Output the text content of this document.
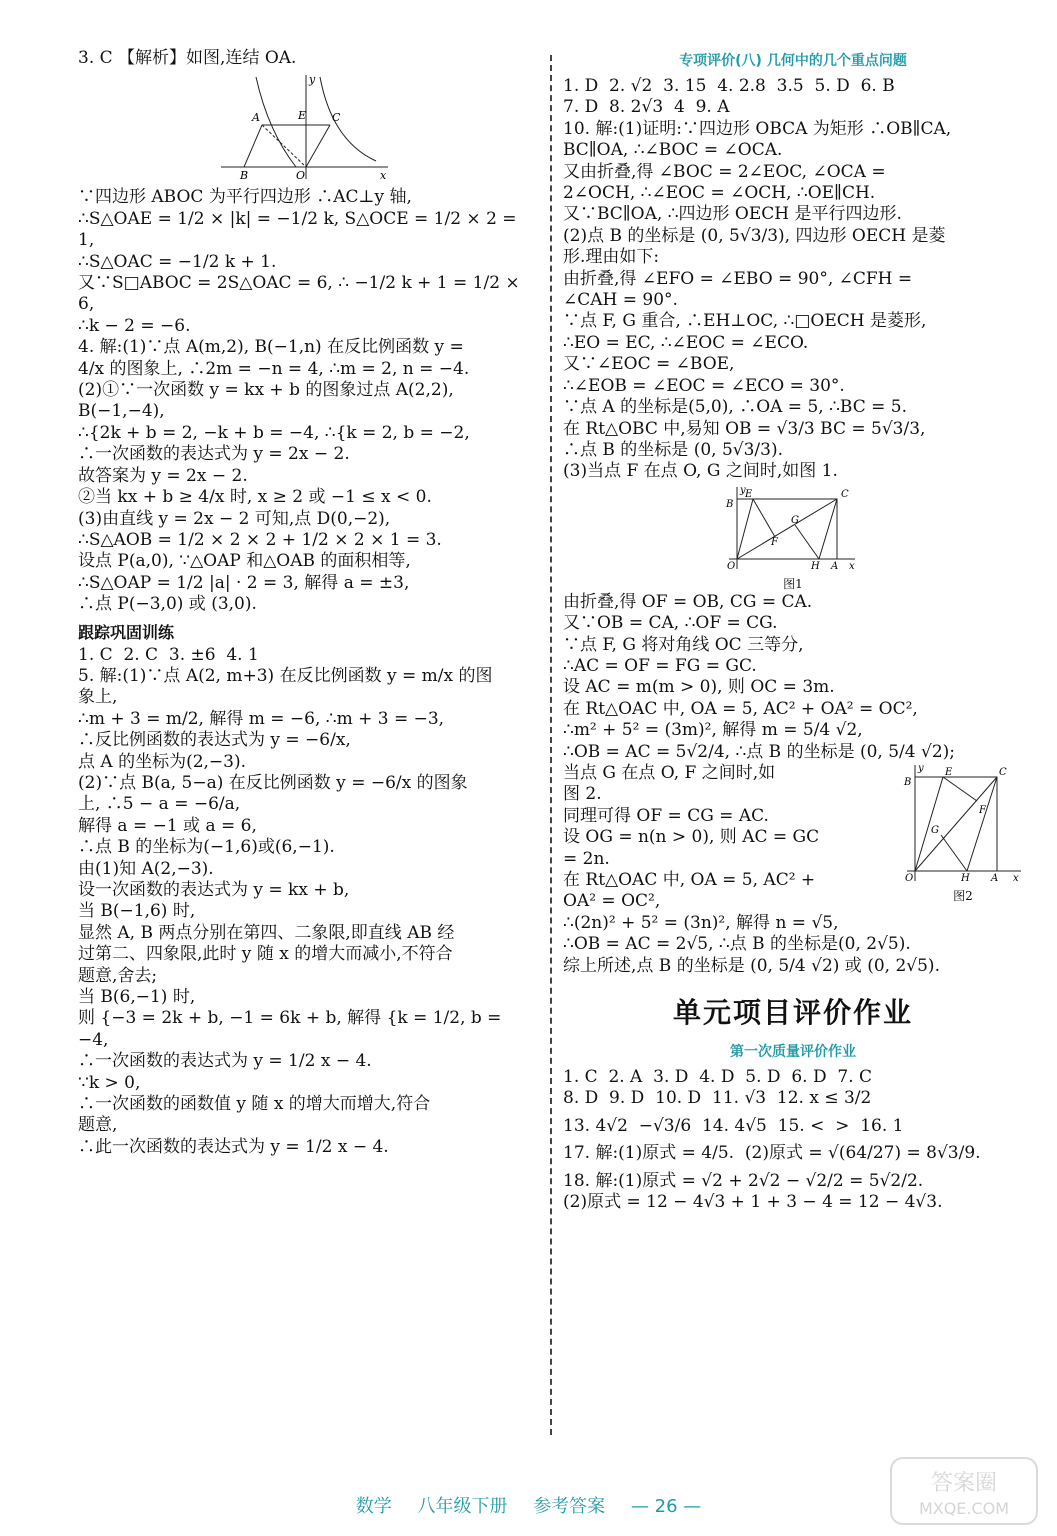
3. C 【解析】如图,连结 OA.

A	E C
B	O	x
y

∵四边形 ABOC 为平行四边形 ∴AC⊥y 轴,

∴S△OAE = 1/2 × |k| = −1/2 k, S△OCE = 1/2 × 2 = 1,

∴S△OAC = −1/2 k + 1.

又∵S□ABOC = 2S△OAC = 6, ∴ −1/2 k + 1 = 1/2 × 6,

∴k − 2 = −6.

4. 解:(1)∵点 A(m,2), B(−1,n) 在反比例函数 y =

4/x 的图象上, ∴2m = −n = 4, ∴m = 2, n = −4.

(2)①∵一次函数 y = kx + b 的图象过点 A(2,2),

B(−1,−4),

∴{2k + b = 2, −k + b = −4, ∴{k = 2, b = −2,

∴一次函数的表达式为 y = 2x − 2.

故答案为 y = 2x − 2.

②当 kx + b ≥ 4/x 时, x ≥ 2 或 −1 ≤ x < 0.

(3)由直线 y = 2x − 2 可知,点 D(0,−2),

∴S△AOB = 1/2 × 2 × 2 + 1/2 × 2 × 1 = 3.

设点 P(a,0), ∵△OAP 和△OAB 的面积相等,

∴S△OAP = 1/2 |a| · 2 = 3, 解得 a = ±3,

∴点 P(−3,0) 或 (3,0).

跟踪巩固训练

1. C  2. C  3. ±6  4. 1

5. 解:(1)∵点 A(2, m+3) 在反比例函数 y = m/x 的图

象上,

∴m + 3 = m/2, 解得 m = −6, ∴m + 3 = −3,

∴反比例函数的表达式为 y = −6/x,

点 A 的坐标为(2,−3).

(2)∵点 B(a, 5−a) 在反比例函数 y = −6/x 的图象

上, ∴5 − a = −6/a,

解得 a = −1 或 a = 6,

∴点 B 的坐标为(−1,6)或(6,−1).

由(1)知 A(2,−3).

设一次函数的表达式为 y = kx + b,

当 B(−1,6) 时,

显然 A, B 两点分别在第四、二象限,即直线 AB 经

过第二、四象限,此时 y 随 x 的增大而减小,不符合

题意,舍去;

当 B(6,−1) 时,

则 {−3 = 2k + b, −1 = 6k + b, 解得 {k = 1/2, b = −4,

∴一次函数的表达式为 y = 1/2 x − 4.

∵k > 0,

∴一次函数的函数值 y 随 x 的增大而增大,符合

题意,

∴此一次函数的表达式为 y = 1/2 x − 4.

专项评价(八) 几何中的几个重点问题

1. D  2. √2  3. 15  4. 2.8  3.5  5. D  6. B

7. D  8. 2√3  4  9. A

10. 解:(1)证明:∵四边形 OBCA 为矩形 ∴OB∥CA,

BC∥OA, ∴∠BOC = ∠OCA.

又由折叠,得 ∠BOC = 2∠EOC, ∠OCA =

2∠OCH, ∴∠EOC = ∠OCH, ∴OE∥CH.

又∵BC∥OA, ∴四边形 OECH 是平行四边形.

(2)点 B 的坐标是 (0, 5√3/3), 四边形 OECH 是菱

形.理由如下:

由折叠,得 ∠EFO = ∠EBO = 90°, ∠CFH =

∠CAH = 90°.

∵点 F, G 重合, ∴EH⊥OC, ∴□OECH 是菱形,

∴EO = EC, ∴∠EOC = ∠ECO.

又∵∠EOC = ∠BOE,

∴∠EOB = ∠EOC = ∠ECO = 30°.

∵点 A 的坐标是(5,0), ∴OA = 5, ∴BC = 5.

在 Rt△OBC 中,易知 OB = √3/3 BC = 5√3/3,

∴点 B 的坐标是 (0, 5√3/3).

(3)当点 F 在点 O, G 之间时,如图 1.

E	C
B
G
F
O	H A x
y
图1

由折叠,得 OF = OB, CG = CA.

又∵OB = CA, ∴OF = CG.

∵点 F, G 将对角线 OC 三等分,

∴AC = OF = FG = GC.

设 AC = m(m > 0), 则 OC = 3m.

在 Rt△OAC 中, OA = 5, AC² + OA² = OC²,

∴m² + 5² = (3m)², 解得 m = 5/4 √2,

∴OB = AC = 5√2/4, ∴点 B 的坐标是 (0, 5/4 √2);

E	C
B
G
F
O	H A x
y
图2

当点 G 在点 O, F 之间时,如

图 2.

同理可得 OF = CG = AC.

设 OG = n(n > 0), 则 AC = GC

= 2n.

在 Rt△OAC 中, OA = 5, AC² +

OA² = OC²,

∴(2n)² + 5² = (3n)², 解得 n = √5,

∴OB = AC = 2√5, ∴点 B 的坐标是(0, 2√5).

综上所述,点 B 的坐标是 (0, 5/4 √2) 或 (0, 2√5).

单元项目评价作业

第一次质量评价作业

1. C  2. A  3. D  4. D  5. D  6. D  7. C

8. D  9. D  10. D  11. √3  12. x ≤ 3/2

13. 4√2  −√3/6  14. 4√5  15. <  >  16. 1

17. 解:(1)原式 = 4/5.  (2)原式 = √(64/27) = 8√3/9.

18. 解:(1)原式 = √2 + 2√2 − √2/2 = 5√2/2.

(2)原式 = 12 − 4√3 + 1 + 3 − 4 = 12 − 4√3.

数学 八年级下册 参考答案 — 26 —
答案圈
MXQE.COM
